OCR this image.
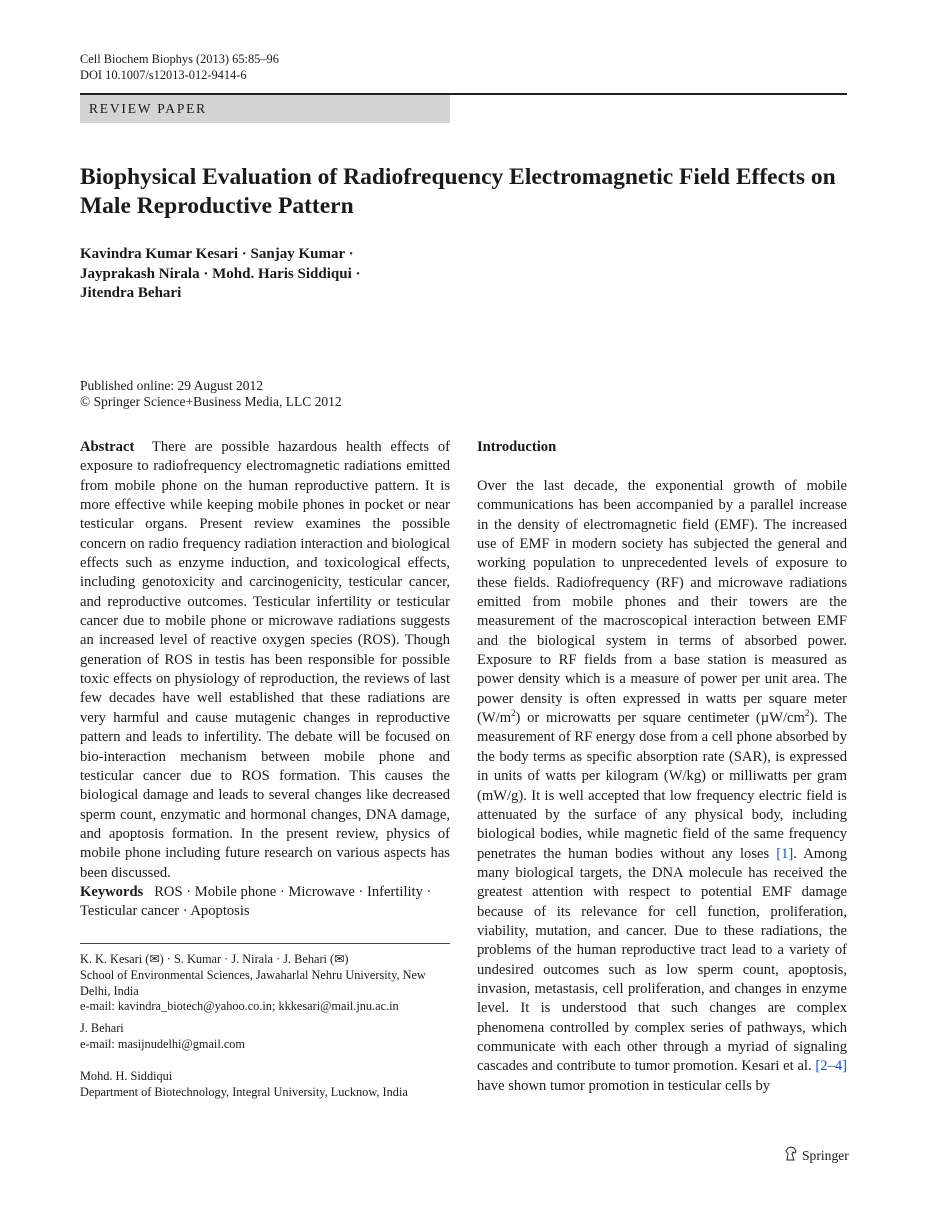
Cell Biochem Biophys (2013) 65:85–96
DOI 10.1007/s12013-012-9414-6
REVIEW PAPER
Biophysical Evaluation of Radiofrequency Electromagnetic Field Effects on Male Reproductive Pattern
Kavindra Kumar Kesari · Sanjay Kumar ·
Jayprakash Nirala · Mohd. Haris Siddiqui ·
Jitendra Behari
Published online: 29 August 2012
© Springer Science+Business Media, LLC 2012
Abstract There are possible hazardous health effects of exposure to radiofrequency electromagnetic radiations emitted from mobile phone on the human reproductive pattern. It is more effective while keeping mobile phones in pocket or near testicular organs. Present review examines the possible concern on radio frequency radiation interaction and biological effects such as enzyme induction, and toxicological effects, including genotoxicity and carcinogenicity, testicular cancer, and reproductive outcomes. Testicular infertility or testicular cancer due to mobile phone or microwave radiations suggests an increased level of reactive oxygen species (ROS). Though generation of ROS in testis has been responsible for possible toxic effects on physiology of reproduction, the reviews of last few decades have well established that these radiations are very harmful and cause mutagenic changes in reproductive pattern and leads to infertility. The debate will be focused on bio-interaction mechanism between mobile phone and testicular cancer due to ROS formation. This causes the biological damage and leads to several changes like decreased sperm count, enzymatic and hormonal changes, DNA damage, and apoptosis formation. In the present review, physics of mobile phone including future research on various aspects has been discussed.
Keywords ROS · Mobile phone · Microwave · Infertility · Testicular cancer · Apoptosis
K. K. Kesari (✉) · S. Kumar · J. Nirala · J. Behari (✉)
School of Environmental Sciences, Jawaharlal Nehru University, New Delhi, India
e-mail: kavindra_biotech@yahoo.co.in; kkkesari@mail.jnu.ac.in
J. Behari
e-mail: masijnudelhi@gmail.com
Mohd. H. Siddiqui
Department of Biotechnology, Integral University, Lucknow, India
Introduction
Over the last decade, the exponential growth of mobile communications has been accompanied by a parallel increase in the density of electromagnetic field (EMF). The increased use of EMF in modern society has subjected the general and working population to unprecedented levels of exposure to these fields. Radiofrequency (RF) and microwave radiations emitted from mobile phones and their towers are the measurement of the macroscopical interaction between EMF and the biological system in terms of absorbed power. Exposure to RF fields from a base station is measured as power density which is a measure of power per unit area. The power density is often expressed in watts per square meter $(W/m^2)$ or microwatts per square centimeter $(\mu W/cm^2)$. The measurement of RF energy dose from a cell phone absorbed by the body terms as specific absorption rate (SAR), is expressed in units of watts per kilogram (W/kg) or milliwatts per gram (mW/g). It is well accepted that low frequency electric field is attenuated by the surface of any physical body, including biological bodies, while magnetic field of the same frequency penetrates the human bodies without any loses [1]. Among many biological targets, the DNA molecule has received the greatest attention with respect to potential EMF damage because of its relevance for cell function, proliferation, viability, mutation, and cancer. Due to these radiations, the problems of the human reproductive tract lead to a variety of undesired outcomes such as low sperm count, apoptosis, invasion, metastasis, cell proliferation, and changes in enzyme level. It is understood that such changes are complex phenomena controlled by complex series of pathways, which communicate with each other through a myriad of signaling cascades and contribute to tumor promotion. Kesari et al. [2–4] have shown tumor promotion in testicular cells by
Springer
